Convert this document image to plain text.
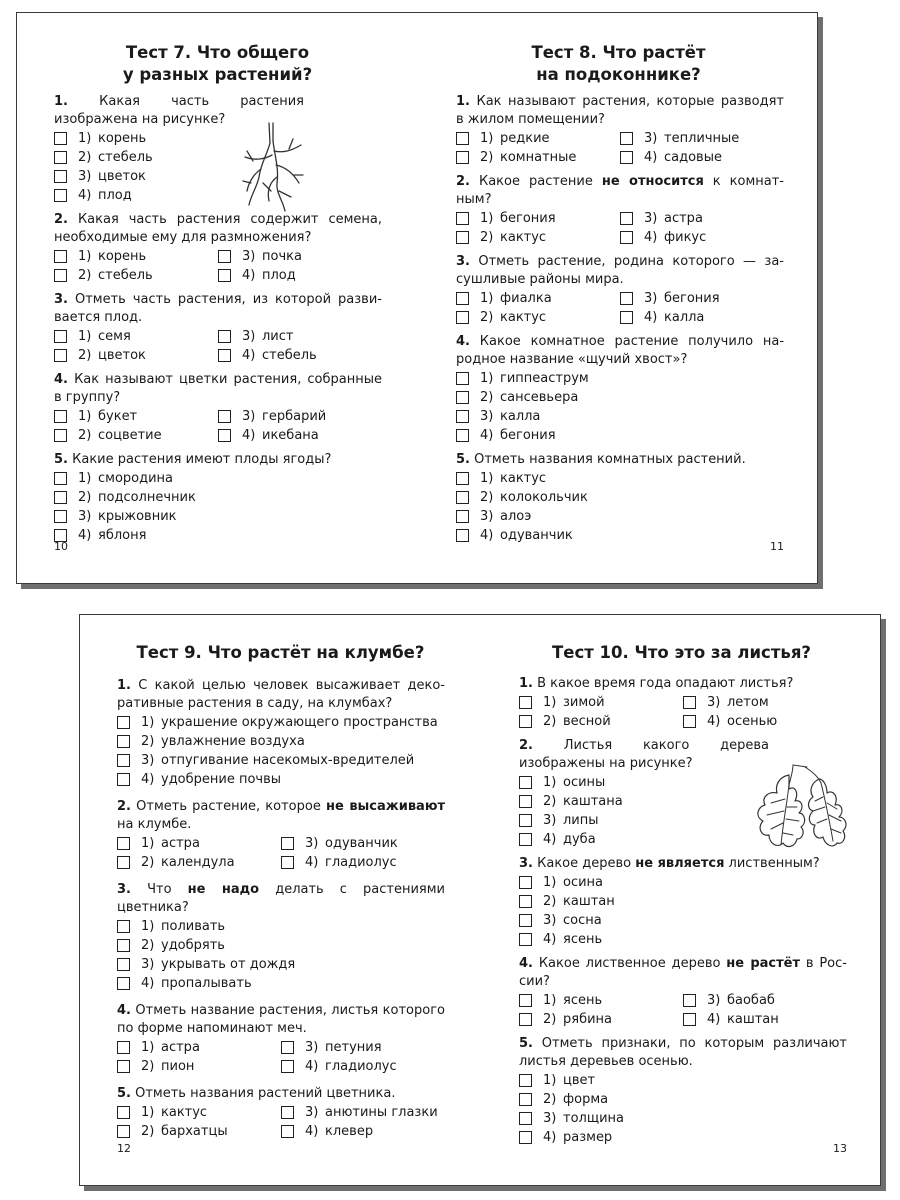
Тест 7. Что общего
у разных растений?
1. Какая часть растения изображена на рисунке?
1) корень
2) стебель
3) цветок
4) плод
2. Какая часть растения содержит семена, необходимые ему для размножения?
1) корень
2) стебель
3) почка
4) плод
3. Отметь часть растения, из которой развивается плод.
1) семя
2) цветок
3) лист
4) стебель
4. Как называют цветки растения, собранные в группу?
1) букет
2) соцветие
3) гербарий
4) икебана
5. Какие растения имеют плоды ягоды?
1) смородина
2) подсолнечник
3) крыжовник
4) яблоня
10
Тест 8. Что растёт
на подоконнике?
1. Как называют растения, которые разводят в жилом помещении?
1) редкие
2) комнатные
3) тепличные
4) садовые
2. Какое растение не относится к комнатным?
1) бегония
2) кактус
3) астра
4) фикус
3. Отметь растение, родина которого — засушливые районы мира.
1) фиалка
2) кактус
3) бегония
4) калла
4. Какое комнатное растение получило народное название «щучий хвост»?
1) гиппеаструм
2) сансевьера
3) калла
4) бегония
5. Отметь названия комнатных растений.
1) кактус
2) колокольчик
3) алоэ
4) одуванчик
11
Тест 9. Что растёт на клумбе?
1. С какой целью человек высаживает декоративные растения в саду, на клумбах?
1) украшение окружающего пространства
2) увлажнение воздуха
3) отпугивание насекомых-вредителей
4) удобрение почвы
2. Отметь растение, которое не высаживают на клумбе.
1) астра
2) календула
3) одуванчик
4) гладиолус
3. Что не надо делать с растениями цветника?
1) поливать
2) удобрять
3) укрывать от дождя
4) пропалывать
4. Отметь название растения, листья которого по форме напоминают меч.
1) астра
2) пион
3) петуния
4) гладиолус
5. Отметь названия растений цветника.
1) кактус
2) бархатцы
3) анютины глазки
4) клевер
12
Тест 10. Что это за листья?
1. В какое время года опадают листья?
1) зимой
2) весной
3) летом
4) осенью
2. Листья какого дерева изображены на рисунке?
1) осины
2) каштана
3) липы
4) дуба
3. Какое дерево не является лиственным?
1) осина
2) каштан
3) сосна
4) ясень
4. Какое лиственное дерево не растёт в России?
1) ясень
2) рябина
3) баобаб
4) каштан
5. Отметь признаки, по которым различают листья деревьев осенью.
1) цвет
2) форма
3) толщина
4) размер
13
